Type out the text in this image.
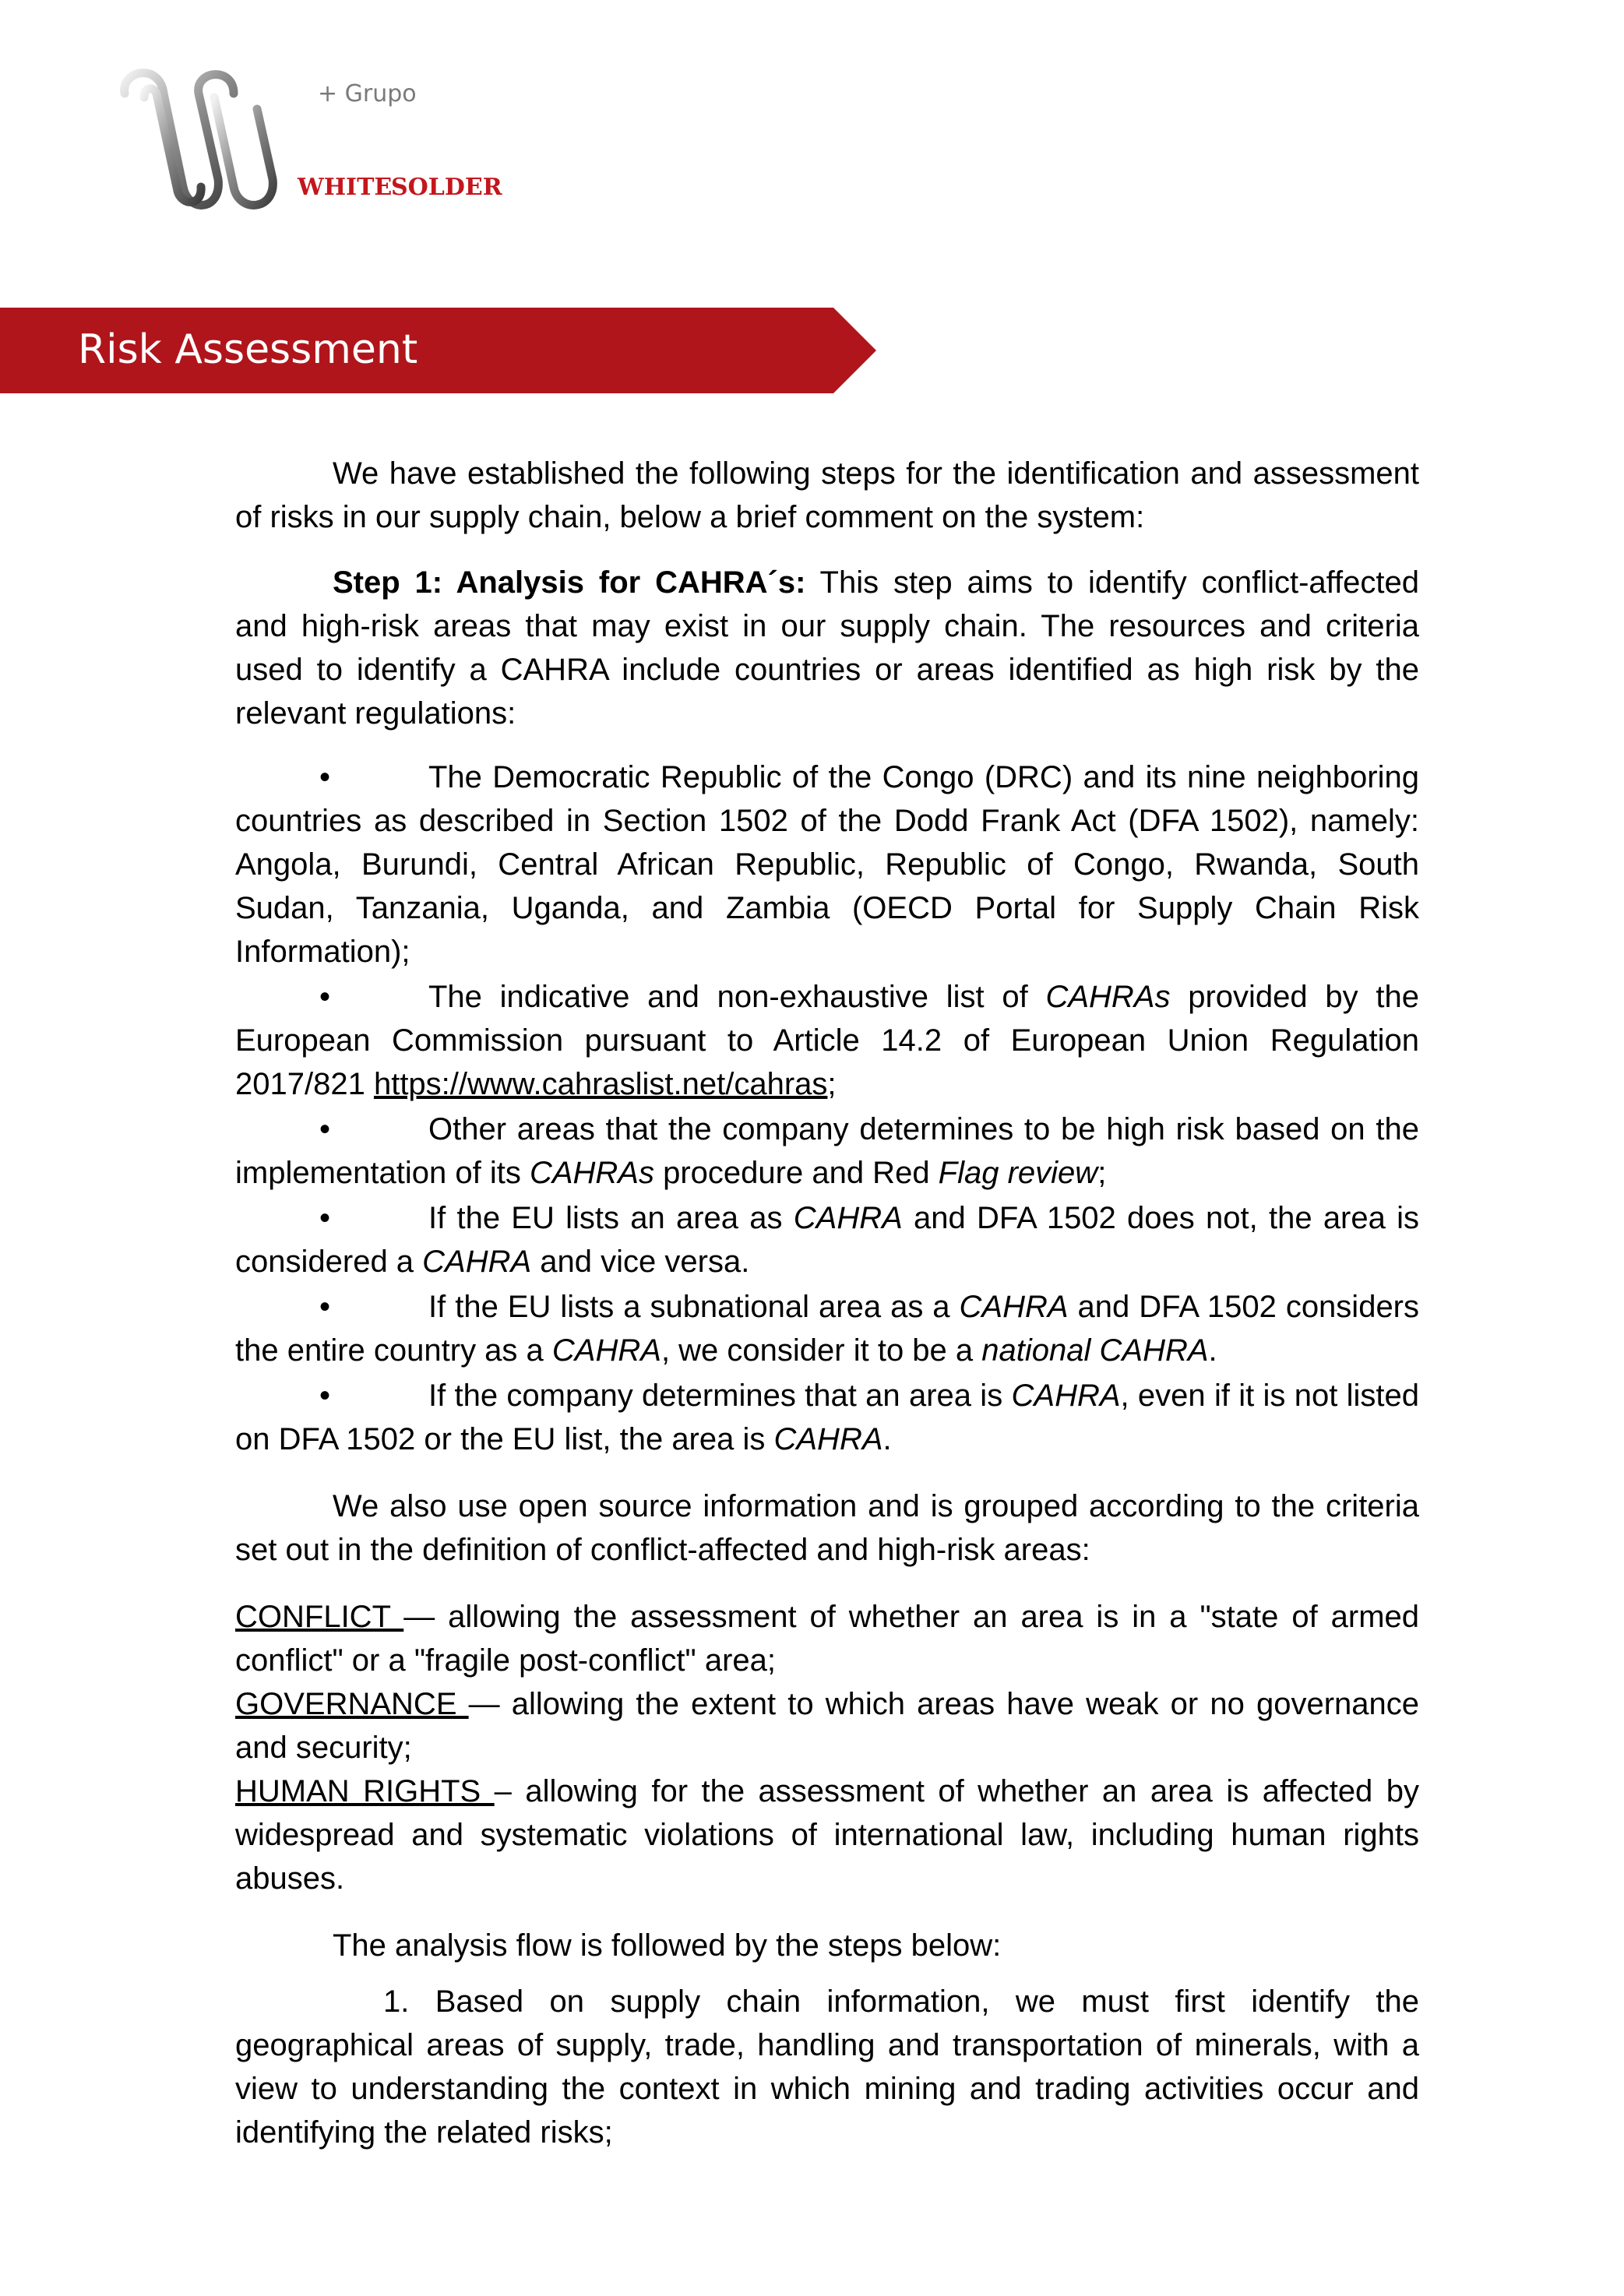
+ Grupo
WHITE
SOLDER
Risk Assessment

We have established the following steps for the identification and assessment of risks in our supply chain, below a brief comment on the system:

Step 1: Analysis for CAHRA´s: This step aims to identify conflict-affected and high-risk areas that may exist in our supply chain. The resources and criteria used to identify a CAHRA include countries or areas identified as high risk by the relevant regulations:

•	The Democratic Republic of the Congo (DRC) and its nine neighboring countries as described in Section 1502 of the Dodd Frank Act (DFA 1502), namely: Angola, Burundi, Central African Republic, Republic of Congo, Rwanda, South Sudan, Tanzania, Uganda, and Zambia (OECD Portal for Supply Chain Risk Information);

•	The indicative and non-exhaustive list of CAHRAs provided by the European Commission pursuant to Article 14.2 of European Union Regulation 2017/821 https://www.cahraslist.net/cahras;

•	Other areas that the company determines to be high risk based on the implementation of its CAHRAs procedure and Red Flag review;

•	If the EU lists an area as CAHRA and DFA 1502 does not, the area is considered a CAHRA and vice versa.

•	If the EU lists a subnational area as a CAHRA and DFA 1502 considers the entire country as a CAHRA, we consider it to be a national CAHRA.

•	If the company determines that an area is CAHRA, even if it is not listed on DFA 1502 or the EU list, the area is CAHRA.

We also use open source information and is grouped according to the criteria set out in the definition of conflict-affected and high-risk areas:

CONFLICT — allowing the assessment of whether an area is in a "state of armed conflict" or a "fragile post-conflict" area;

GOVERNANCE — allowing the extent to which areas have weak or no governance and security;

HUMAN RIGHTS – allowing for the assessment of whether an area is affected by widespread and systematic violations of international law, including human rights abuses.

The analysis flow is followed by the steps below:

1. Based on supply chain information, we must first identify the geographical areas of supply, trade, handling and transportation of minerals, with a view to understanding the context in which mining and trading activities occur and identifying the related risks;
